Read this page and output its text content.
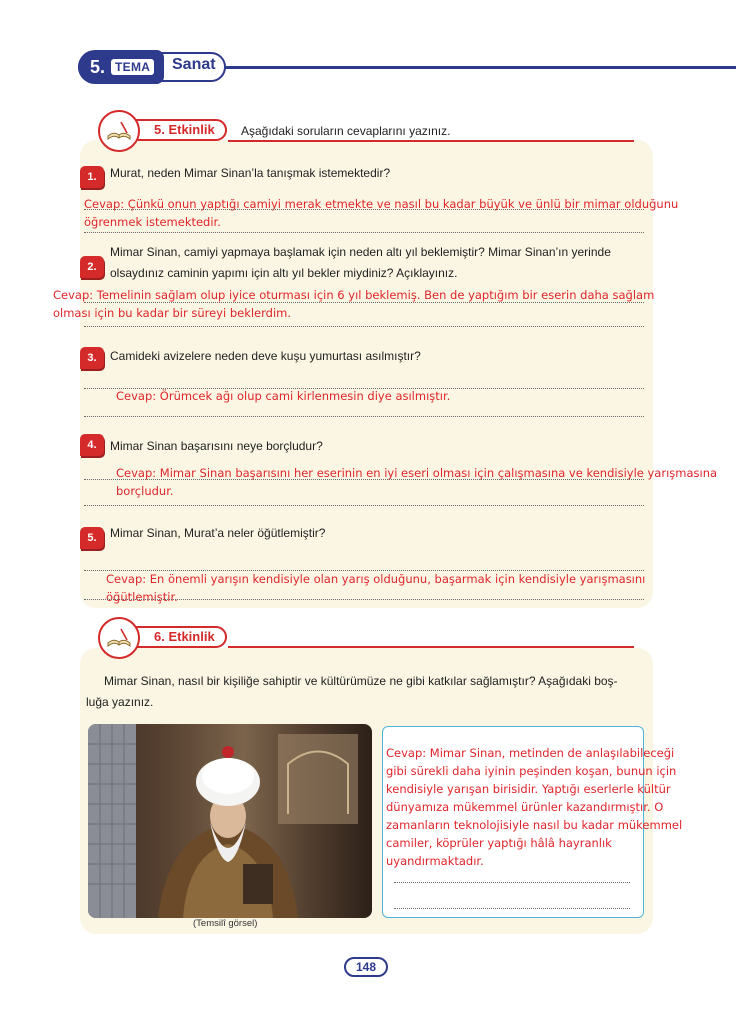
5. TEMA Sanat
5. Etkinlik	Aşağıdaki soruların cevaplarını yazınız.
1.	Murat, neden Mimar Sinan’la tanışmak istemektedir?
Cevap: Çünkü onun yaptığı camiyi merak etmekte ve nasıl bu kadar büyük ve ünlü bir mimar olduğunu
öğrenmek istemektedir.
2.
Mimar Sinan, camiyi yapmaya başlamak için neden altı yıl beklemiştir? Mimar Sinan’ın yerinde
olsaydınız caminin yapımı için altı yıl bekler miydiniz? Açıklayınız.
Cevap: Temelinin sağlam olup iyice oturması için 6 yıl beklemiş. Ben de yaptığım bir eserin daha sağlam
olması için bu kadar bir süreyi beklerdim.
3.	Camideki avizelere neden deve kuşu yumurtası asılmıştır?
Cevap: Örümcek ağı olup cami kirlenmesin diye asılmıştır.
4.	Mimar Sinan başarısını neye borçludur?
Cevap: Mimar Sinan başarısını her eserinin en iyi eseri olması için çalışmasına ve kendisiyle yarışmasına
borçludur.
5.	Mimar Sinan, Murat’a neler öğütlemiştir?
Cevap: En önemli yarışın kendisiyle olan yarış olduğunu, başarmak için kendisiyle yarışmasını
öğütlemiştir.
6. Etkinlik
Mimar Sinan, nasıl bir kişiliğe sahiptir ve kültürümüze ne gibi katkılar sağlamıştır? Aşağıdaki boş-
luğa yazınız.
(Temsilî görsel)
Cevap: Mimar Sinan, metinden de anlaşılabileceği
gibi sürekli daha iyinin peşinden koşan, bunun için
kendisiyle yarışan birisidir. Yaptığı eserlerle kültür
dünyamıza mükemmel ürünler kazandırmıştır. O
zamanların teknolojisiyle nasıl bu kadar mükemmel
camiler, köprüler yaptığı hâlâ hayranlık
uyandırmaktadır.
148
